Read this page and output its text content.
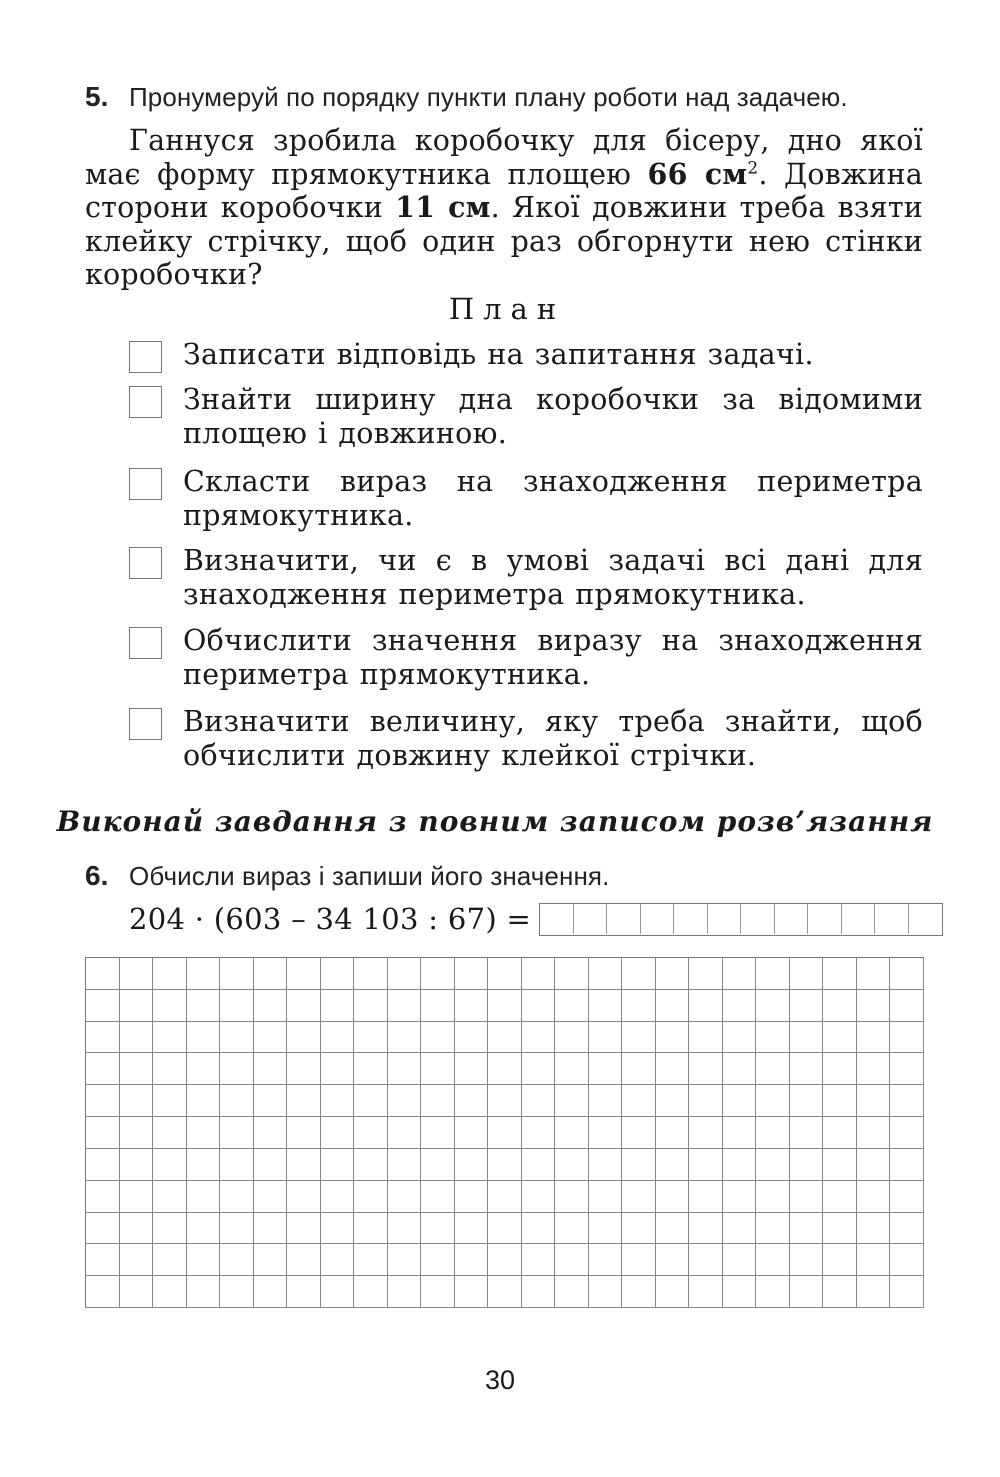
5. Пронумеруй по порядку пункти плану роботи над задачею.

Ганнуся зробила коробочку для бісеру, дно якої має форму прямокутника площею 66 $см^2$. Довжина сторони коробочки 11 см. Якої довжини треба взяти клейку стрічку, щоб один раз обгорнути нею стінки коробочки?

План
Записати відповідь на запитання задачі.
Знайти ширину дна коробочки за відомими площею і довжиною.
Скласти вираз на знаходження периметра прямокутника.
Визначити, чи є в умові задачі всі дані для знаходження периметра прямокутника.
Обчислити значення виразу на знаходження периметра прямокутника.
Визначити величину, яку треба знайти, щоб обчислити довжину клейкої стрічки.
Виконай завдання з повним записом розв’язання
6. Обчисли вираз і запиши його значення.
204 · (603 – 34 103 : 67) =
30
